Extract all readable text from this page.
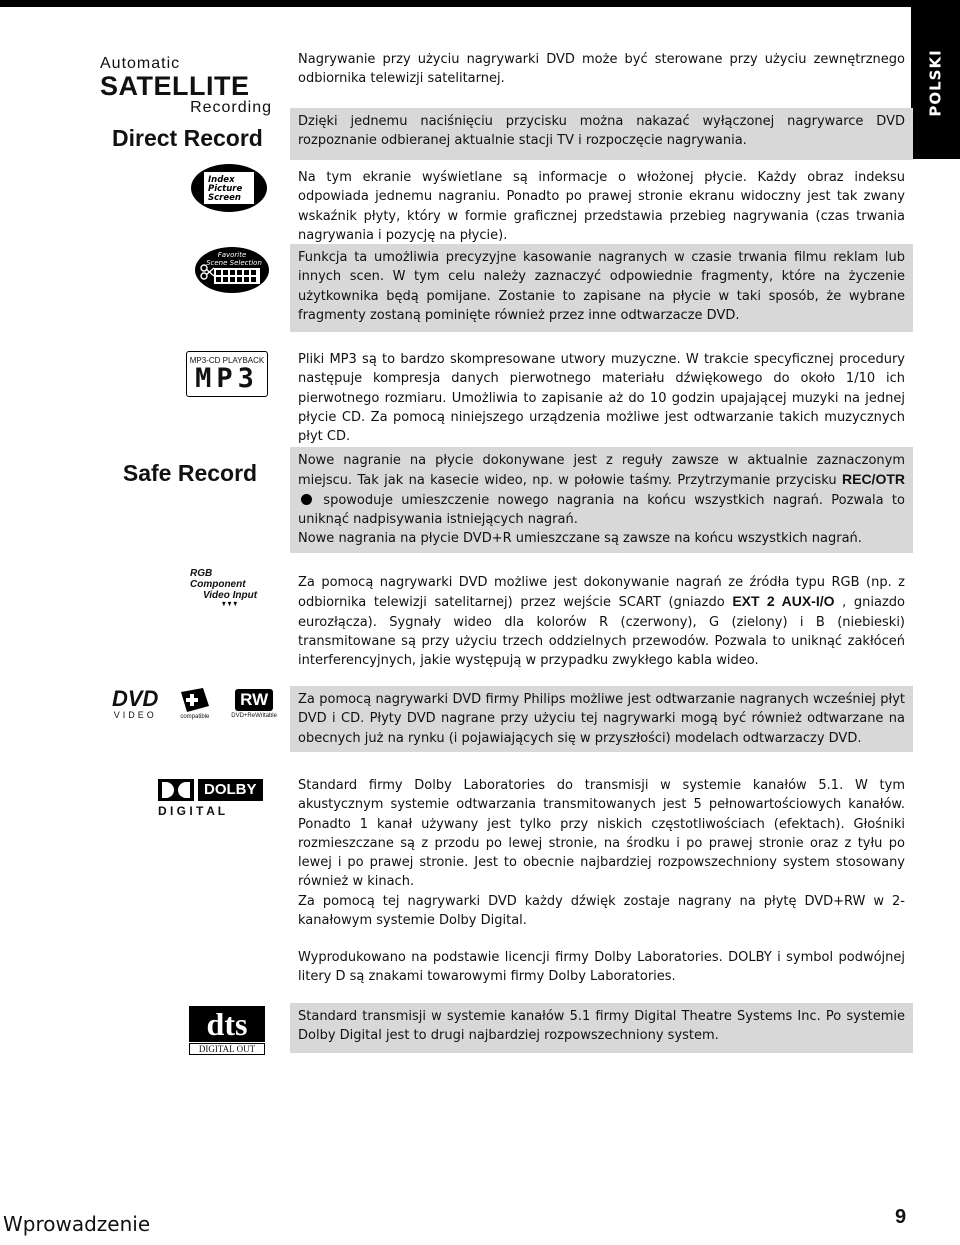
POLSKI
Automatic
SATELLITE
Recording
Direct Record

Nagrywanie przy użyciu nagrywarki DVD może być sterowane przy użyciu zewnętrznego odbiornika telewizji satelitarnej.

Dzięki jednemu naciśnięciu przycisku można nakazać wyłączonej nagrywarce DVD rozpoznanie odbieranej aktualnie stacji TV i rozpoczęcie nagrywania.

Index
Picture
Screen

Na tym ekranie wyświetlane są informacje o włożonej płycie. Każdy obraz indeksu odpowiada jednemu nagraniu. Ponadto po prawej stronie ekranu widoczny jest tak zwany wskaźnik płyty, który w formie graficznej przedstawia przebieg nagrywania (czas trwania nagrywania i pozycję na płycie).

Favorite
Scene Selection	Funkcja ta umożliwia precyzyjne kasowanie nagranych w czasie trwania filmu reklam lub innych scen. W tym celu należy zaznaczyć odpowiednie fragmenty, które na życzenie użytkownika będą pomijane. Zostanie to zapisane na płycie w taki sposób, że wybrane fragmenty zostaną pominięte również przez inne odtwarzacze DVD.

MP3-CD PLAYBACK
MP3

Pliki MP3 są to bardzo skompresowane utwory muzyczne. W trakcie specyficznej procedury następuje kompresja danych pierwotnego materiału dźwiękowego do około 1/10 ich pierwotnego rozmiaru. Umożliwia to zapisanie aż do 10 godzin upajającej muzyki na jednej płycie CD. Za pomocą niniejszego urządzenia możliwe jest odtwarzanie takich muzycznych płyt CD.

Safe Record	Nowe nagranie na płycie dokonywane jest z reguły zawsze w aktualnie zaznaczonym miejscu. Tak jak na kasecie wideo, np. w połowie taśmy. Przytrzymanie przycisku REC/OTR spowoduje umieszczenie nowego nagrania na końcu wszystkich nagrań. Pozwala to uniknąć nadpisywania istniejących nagrań.

Nowe nagrania na płycie DVD+R umieszczane są zawsze na końcu wszystkich nagrań.

RGB Component
Video Input

Za pomocą nagrywarki DVD możliwe jest dokonywanie nagrań ze źródła typu RGB (np. z odbiornika telewizji satelitarnej) przez wejście SCART (gniazdo EXT 2 AUX-I/O , gniazdo eurozłącza). Sygnały wideo dla kolorów R (czerwony), G (zielony) i B (niebieski) transmitowane są przy użyciu trzech oddzielnych przewodów. Pozwala to uniknąć zakłóceń interferencyjnych, jakie występują w przypadku zwykłego kabla wideo.

DVD
VIDEO	compatible
RW
DVD+ReWritable

Za pomocą nagrywarki DVD firmy Philips możliwe jest odtwarzanie nagranych wcześniej płyt DVD i CD. Płyty DVD nagrane przy użyciu tej nagrywarki mogą być również odtwarzane na obecnych już na rynku (i pojawiających się w przyszłości) modelach odtwarzaczy DVD.

DOLBY
D I G I T A L

Standard firmy Dolby Laboratories do transmisji w systemie kanałów 5.1. W tym akustycznym systemie odtwarzania transmitowanych jest 5 pełnowartościowych kanałów. Ponadto 1 kanał używany jest tylko przy niskich częstotliwościach (efektach). Głośniki rozmieszczane są z przodu po lewej stronie, na środku i po prawej stronie oraz z tyłu po lewej i po prawej stronie. Jest to obecnie najbardziej rozpowszechniony system stosowany również w kinach.

Za pomocą tej nagrywarki DVD każdy dźwięk zostaje nagrany na płytę DVD+RW w 2-kanałowym systemie Dolby Digital.

Wyprodukowano na podstawie licencji firmy Dolby Laboratories. DOLBY i symbol podwójnej litery D są znakami towarowymi firmy Dolby Laboratories.

dts
DIGITAL OUT

Standard transmisji w systemie kanałów 5.1 firmy Digital Theatre Systems Inc. Po systemie Dolby Digital jest to drugi najbardziej rozpowszechniony system.

Wprowadzenie	9
